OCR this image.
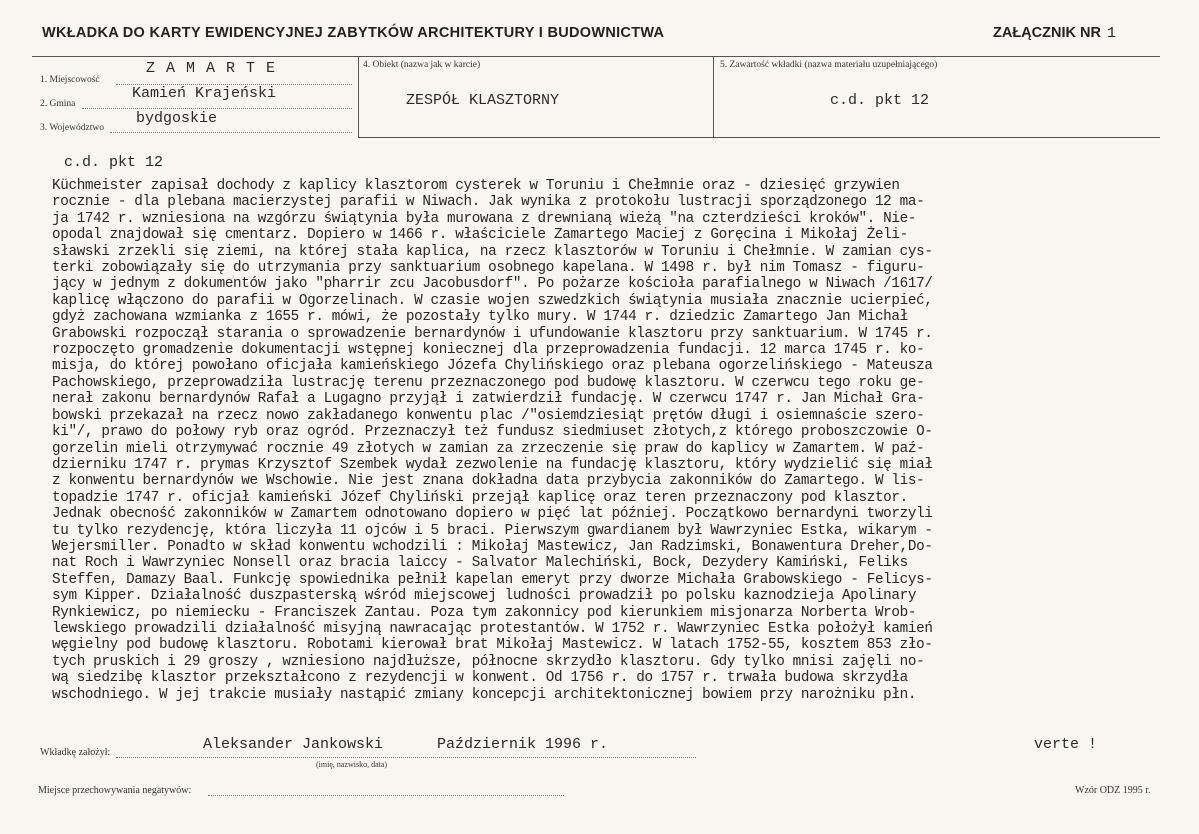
WKŁADKA DO KARTY EWIDENCYJNEJ ZABYTKÓW ARCHITEKTURY I BUDOWNICTWA	ZAŁĄCZNIK NR 1
1. Miejscowość
Z A M A R T E
2. Gmina
Kamień Krajeński
3. Województwo
bydgoskie
4. Obiekt (nazwa jak w karcie)
ZESPÓŁ KLASZTORNY
5. Zawartość wkładki (nazwa materiału uzupełniającego)
c.d. pkt 12
c.d. pkt 12
Küchmeister zapisał dochody z kaplicy klasztorom cysterek w Toruniu i Chełmnie oraz - dziesięć grzywien
rocznie - dla plebana macierzystej parafii w Niwach. Jak wynika z protokołu lustracji sporządzonego 12 ma-
ja 1742 r. wzniesiona na wzgórzu świątynia była murowana z drewnianą wieżą "na czterdzieści kroków". Nie-
opodal znajdował się cmentarz. Dopiero w 1466 r. właściciele Zamartego Maciej z Goręcina i Mikołaj Żeli-
sławski zrzekli się ziemi, na której stała kaplica, na rzecz klasztorów w Toruniu i Chełmnie. W zamian cys-
terki zobowiązały się do utrzymania przy sanktuarium osobnego kapelana. W 1498 r. był nim Tomasz - figuru-
jący w jednym z dokumentów jako "pharrir zcu Jacobusdorf". Po pożarze kościoła parafialnego w Niwach /1617/
kaplicę włączono do parafii w Ogorzelinach. W czasie wojen szwedzkich świątynia musiała znacznie ucierpieć,
gdyż zachowana wzmianka z 1655 r. mówi, że pozostały tylko mury. W 1744 r. dziedzic Zamartego Jan Michał
Grabowski rozpoczął starania o sprowadzenie bernardynów i ufundowanie klasztoru przy sanktuarium. W 1745 r.
rozpoczęto gromadzenie dokumentacji wstępnej koniecznej dla przeprowadzenia fundacji. 12 marca 1745 r. ko-
misja, do której powołano oficjała kamieńskiego Józefa Chylińskiego oraz plebana ogorzelińskiego - Mateusza
Pachowskiego, przeprowadziła lustrację terenu przeznaczonego pod budowę klasztoru. W czerwcu tego roku ge-
nerał zakonu bernardynów Rafał a Lugagno przyjął i zatwierdził fundację. W czerwcu 1747 r. Jan Michał Gra-
bowski przekazał na rzecz nowo zakładanego konwentu plac /"osiemdziesiąt prętów długi i osiemnaście szero-
ki"/, prawo do połowy ryb oraz ogród. Przeznaczył też fundusz siedmiuset złotych,z którego proboszczowie O-
gorzelin mieli otrzymywać rocznie 49 złotych w zamian za zrzeczenie się praw do kaplicy w Zamartem. W paź-
dzierniku 1747 r. prymas Krzysztof Szembek wydał zezwolenie na fundację klasztoru, który wydzielić się miał
z konwentu bernardynów we Wschowie. Nie jest znana dokładna data przybycia zakonników do Zamartego. W lis-
topadzie 1747 r. oficjał kamieński Józef Chyliński przejął kaplicę oraz teren przeznaczony pod klasztor.
Jednak obecność zakonników w Zamartem odnotowano dopiero w pięć lat później. Początkowo bernardyni tworzyli
tu tylko rezydencję, która liczyła 11 ojców i 5 braci. Pierwszym gwardianem był Wawrzyniec Estka, wikarym -
Wejersmiller. Ponadto w skład konwentu wchodzili : Mikołaj Mastewicz, Jan Radzimski, Bonawentura Dreher,Do-
nat Roch i Wawrzyniec Nonsell oraz bracia laiccy - Salvator Malechiński, Bock, Dezydery Kamiński, Feliks
Steffen, Damazy Baal. Funkcję spowiednika pełnił kapelan emeryt przy dworze Michała Grabowskiego - Felicys-
sym Kipper. Działalność duszpasterską wśród miejscowej ludności prowadził po polsku kaznodzieja Apolinary
Rynkiewicz, po niemiecku - Franciszek Zantau. Poza tym zakonnicy pod kierunkiem misjonarza Norberta Wrob-
lewskiego prowadzili działalność misyjną nawracając protestantów. W 1752 r. Wawrzyniec Estka położył kamień
węgielny pod budowę klasztoru. Robotami kierował brat Mikołaj Mastewicz. W latach 1752-55, kosztem 853 zło-
tych pruskich i 29 groszy , wzniesiono najdłuższe, północne skrzydło klasztoru. Gdy tylko mnisi zajęli no-
wą siedzibę klasztor przekształcono z rezydencji w konwent. Od 1756 r. do 1757 r. trwała budowa skrzydła
wschodniego. W jej trakcie musiały nastąpić zmiany koncepcji architektonicznej bowiem przy narożniku płn.
Wkładkę założył:	Aleksander Jankowski	Październik 1996 r.	verte !
(imię, nazwisko, data)
Miejsce przechowywania negatywów:	Wzór ODZ 1995 r.
